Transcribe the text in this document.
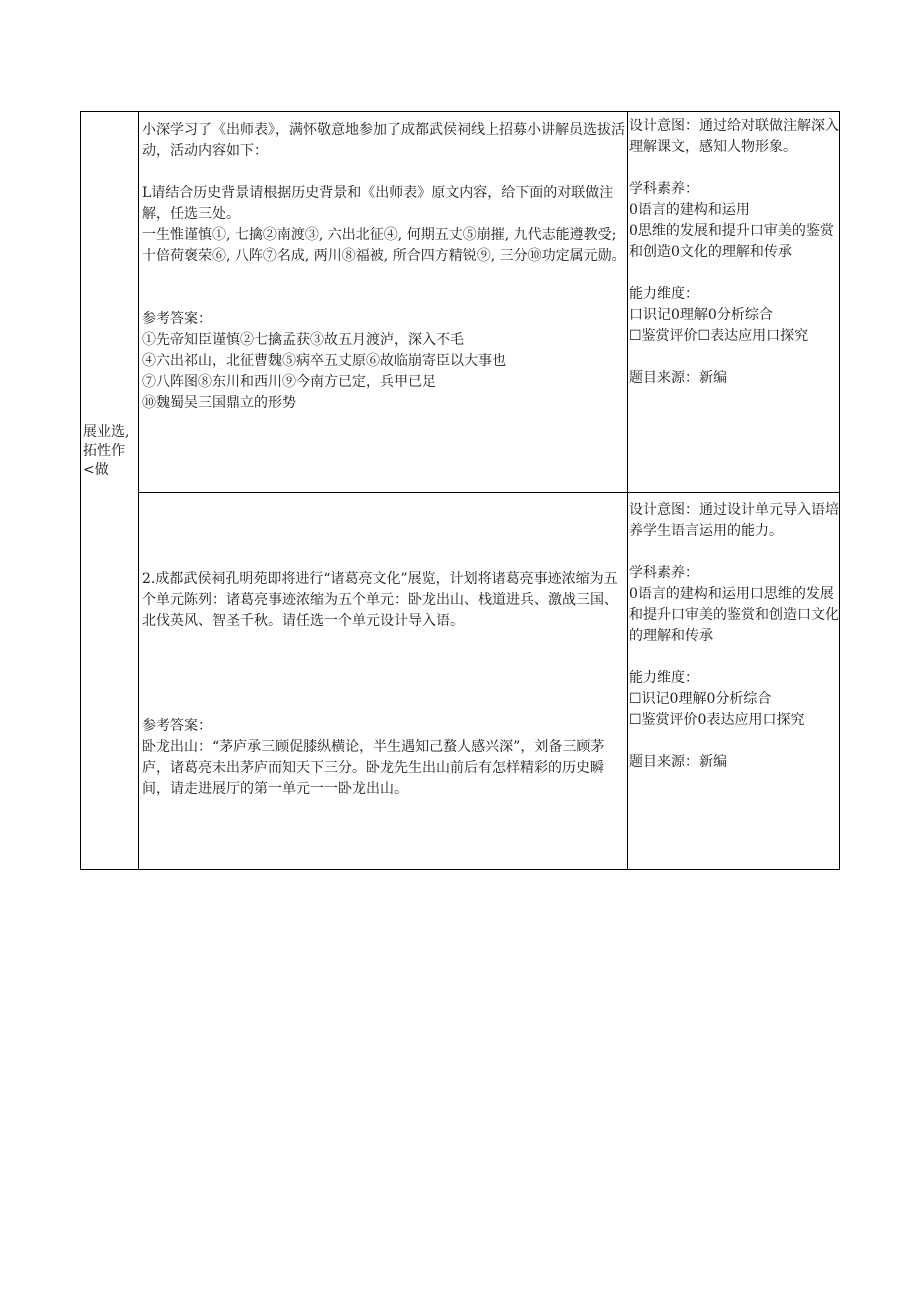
展业选,拓性作<做

小深学习了《出师表》，满怀敬意地参加了成都武侯祠线上招募小讲解员选拔活动，活动内容如下：

L请结合历史背景请根据历史背景和《出师表》原文内容，给下面的对联做注解，任选三处。

一生惟谨慎①, 七擒②南渡③, 六出北征④, 何期五丈⑤崩摧, 九代志能遵教受;

十倍荷褒荣⑥, 八阵⑦名成, 两川⑧福被, 所合四方精锐⑨, 三分⑩功定属元勋。

参考答案：

①先帝知臣谨慎②七擒孟获③故五月渡泸，深入不毛

④六出祁山，北征曹魏⑤病卒五丈原⑥故临崩寄臣以大事也

⑦八阵图⑧东川和西川⑨今南方已定，兵甲已足

⑩魏蜀吴三国鼎立的形势

设计意图：通过给对联做注解深入理解课文，感知人物形象。

学科素养：

0语言的建构和运用

0思维的发展和提升口审美的鉴赏和创造0文化的理解和传承

能力维度：

口识记0理解0分析综合

☐鉴赏评价☐表达应用口探究

题目来源：新编

2.成都武侯祠孔明苑即将进行“诸葛亮文化”展览，计划将诸葛亮事迹浓缩为五个单元陈列：诸葛亮事迹浓缩为五个单元：卧龙出山、栈道进兵、激战三国、北伐英风、智圣千秋。请任选一个单元设计导入语。

参考答案：

卧龙出山：“茅庐承三顾促膝纵横论，半生遇知己蝥人感兴深”，刘备三顾茅庐，诸葛亮未出茅庐而知天下三分。卧龙先生出山前后有怎样精彩的历史瞬间，请走进展厅的第一单元一一卧龙出山。

设计意图：通过设计单元导入语培养学生语言运用的能力。

学科素养：

0语言的建构和运用口思维的发展和提升口审美的鉴赏和创造口文化的理解和传承

能力维度：

☐识记0理解0分析综合

☐鉴赏评价0表达应用口探究

题目来源：新编
